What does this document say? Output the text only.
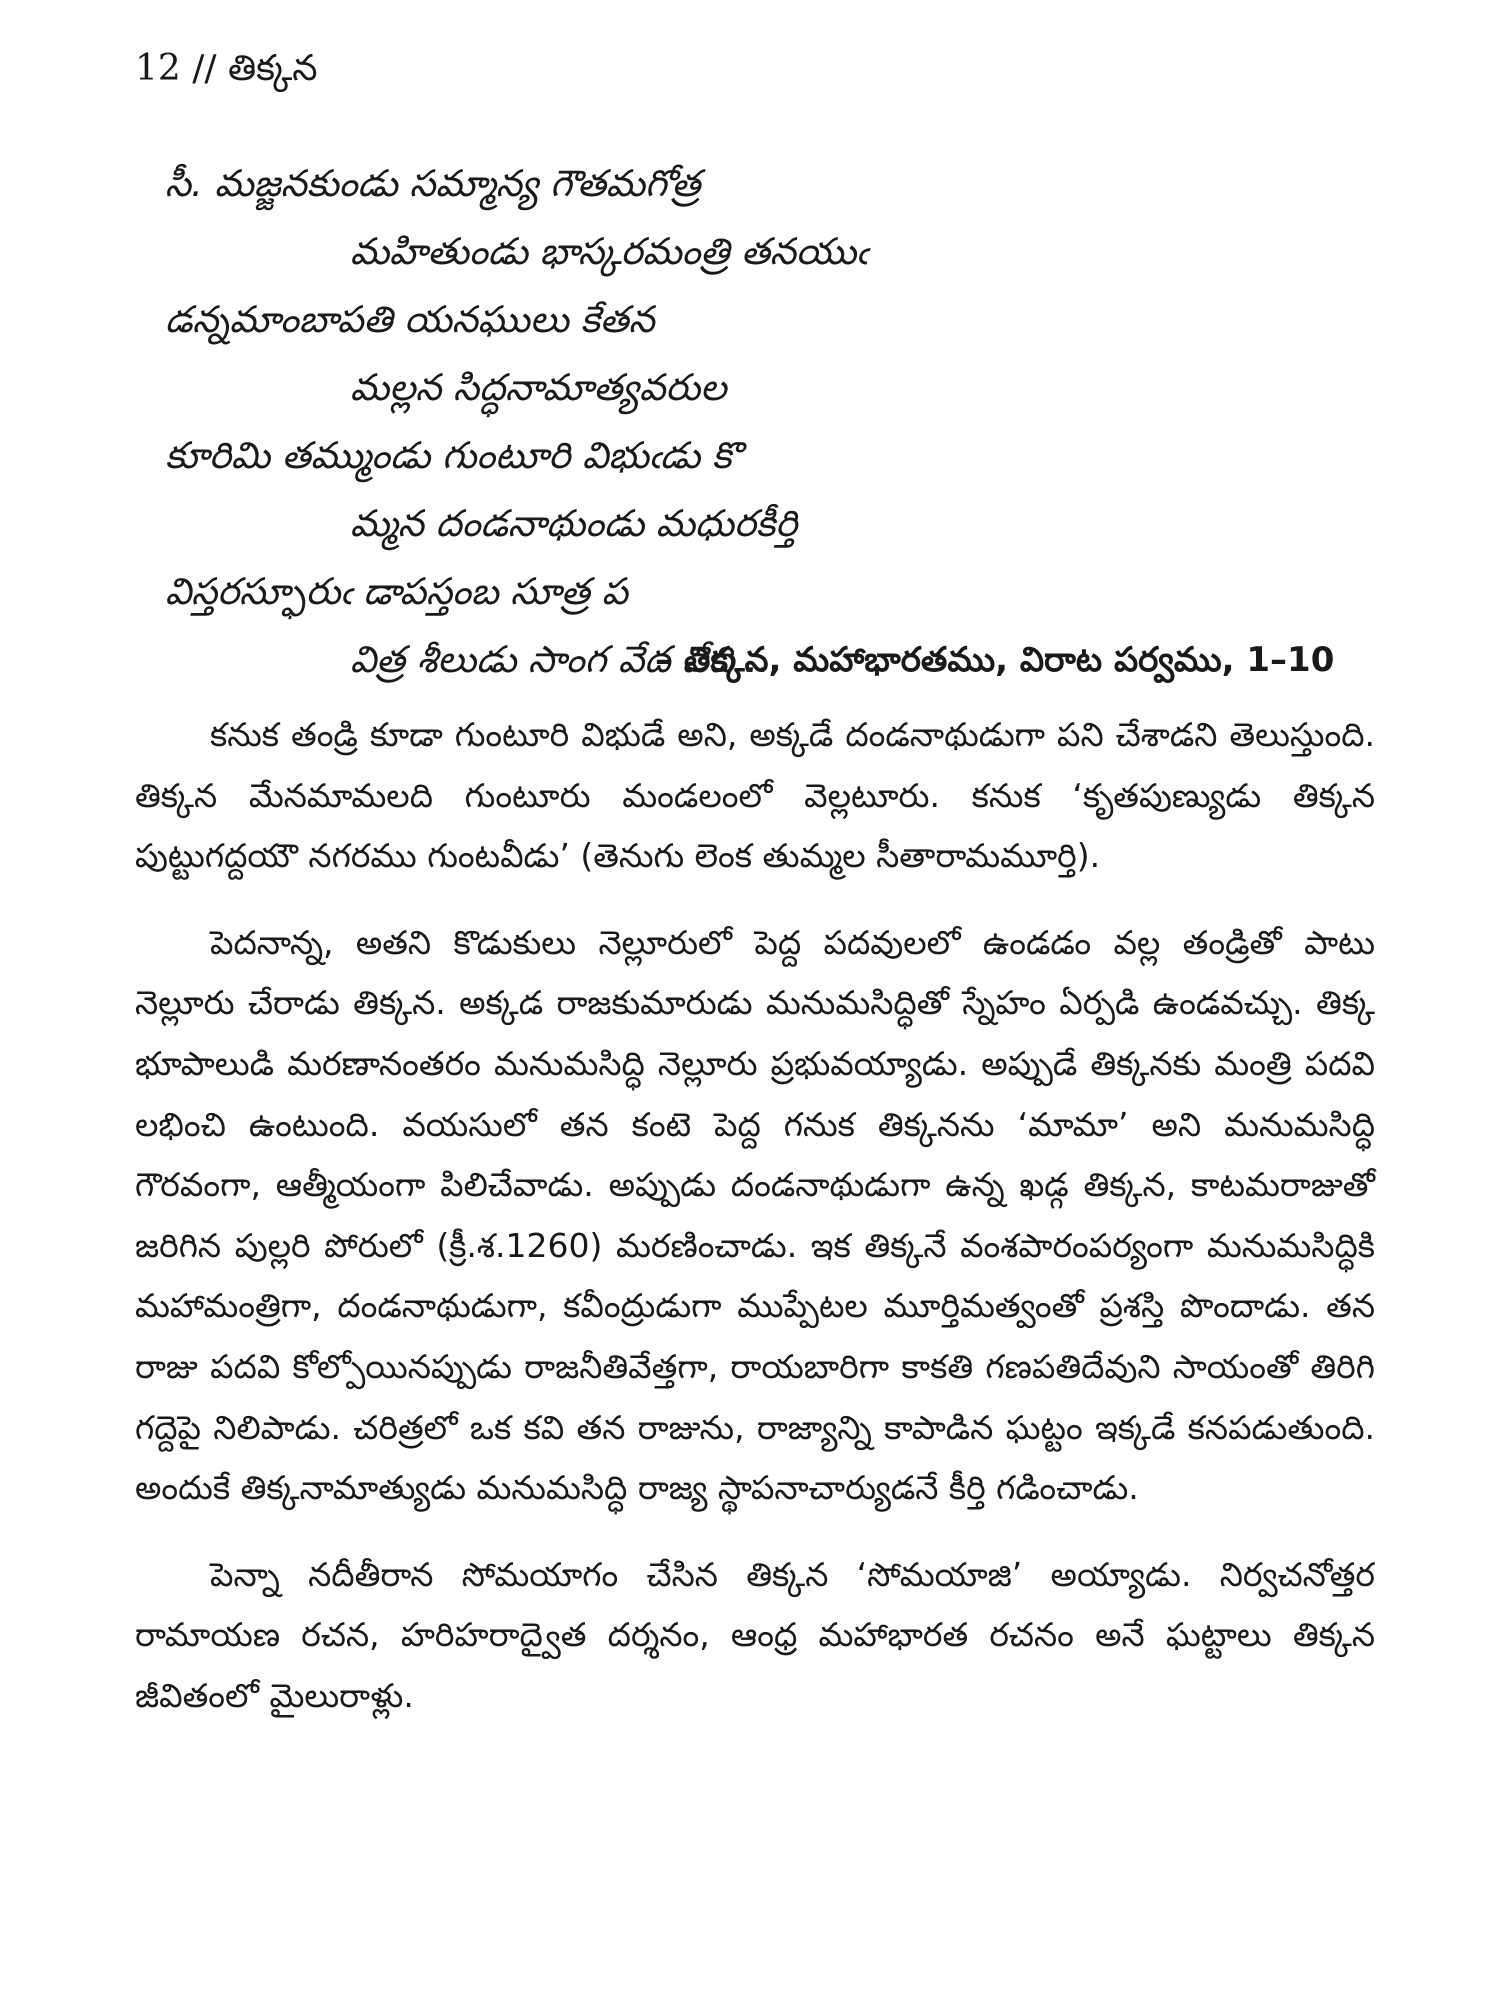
12 // తిక్కన
సీ. మజ్జనకుండు సమ్మాన్య గౌతమగోత్ర
మహితుండు భాస్కరమంత్రి తనయుఁ
డన్నమాంబాపతి యనఘులు కేతన
మల్లన సిద్ధనామాత్యవరుల
కూరిమి తమ్ముండు గుంటూరి విభుఁడు కొ
మ్మన దండనాథుండు మధురకీర్తి
విస్తరస్ఫూరుఁ డాపస్తంబ సూత్ర ప
విత్ర శీలుడు సాంగ వేద వేది ...
– తిక్కన, మహాభారతము, విరాట పర్వము, 1–10

కనుక తండ్రి కూడా గుంటూరి విభుడే అని, అక్కడే దండనాథుడుగా పని చేశాడని తెలుస్తుంది. తిక్కన మేనమామలది గుంటూరు మండలంలో వెల్లటూరు. కనుక ‘కృతపుణ్యుడు తిక్కన పుట్టుగద్దయౌ నగరము గుంటవీడు’ (తెనుగు లెంక తుమ్మల సీతారామమూర్తి).

పెదనాన్న, అతని కొడుకులు నెల్లూరులో పెద్ద పదవులలో ఉండడం వల్ల తండ్రితో పాటు నెల్లూరు చేరాడు తిక్కన. అక్కడ రాజకుమారుడు మనుమసిద్ధితో స్నేహం ఏర్పడి ఉండవచ్చు. తిక్క భూపాలుడి మరణానంతరం మనుమసిద్ధి నెల్లూరు ప్రభువయ్యాడు. అప్పుడే తిక్కనకు మంత్రి పదవి లభించి ఉంటుంది. వయసులో తన కంటె పెద్ద గనుక తిక్కనను ‘మామా’ అని మనుమసిద్ధి గౌరవంగా, ఆత్మీయంగా పిలిచేవాడు. అప్పుడు దండనాథుడుగా ఉన్న ఖడ్గ తిక్కన, కాటమరాజుతో జరిగిన పుల్లరి పోరులో (క్రీ.శ.1260) మరణించాడు. ఇక తిక్కనే వంశపారంపర్యంగా మనుమసిద్ధికి మహామంత్రిగా, దండనాథుడుగా, కవీంద్రుడుగా ముప్పేటల మూర్తిమత్వంతో ప్రశస్తి పొందాడు. తన రాజు పదవి కోల్పోయినప్పుడు రాజనీతివేత్తగా, రాయబారిగా కాకతి గణపతిదేవుని సాయంతో తిరిగి గద్దెపై నిలిపాడు. చరిత్రలో ఒక కవి తన రాజును, రాజ్యాన్ని కాపాడిన ఘట్టం ఇక్కడే కనపడుతుంది. అందుకే తిక్కనామాత్యుడు మనుమసిద్ధి రాజ్య స్థాపనాచార్యుడనే కీర్తి గడించాడు.

పెన్నా నదీతీరాన సోమయాగం చేసిన తిక్కన ‘సోమయాజి’ అయ్యాడు. నిర్వచనోత్తర రామాయణ రచన, హరిహరాద్వైత దర్శనం, ఆంధ్ర మహాభారత రచనం అనే ఘట్టాలు తిక్కన జీవితంలో మైలురాళ్లు.
